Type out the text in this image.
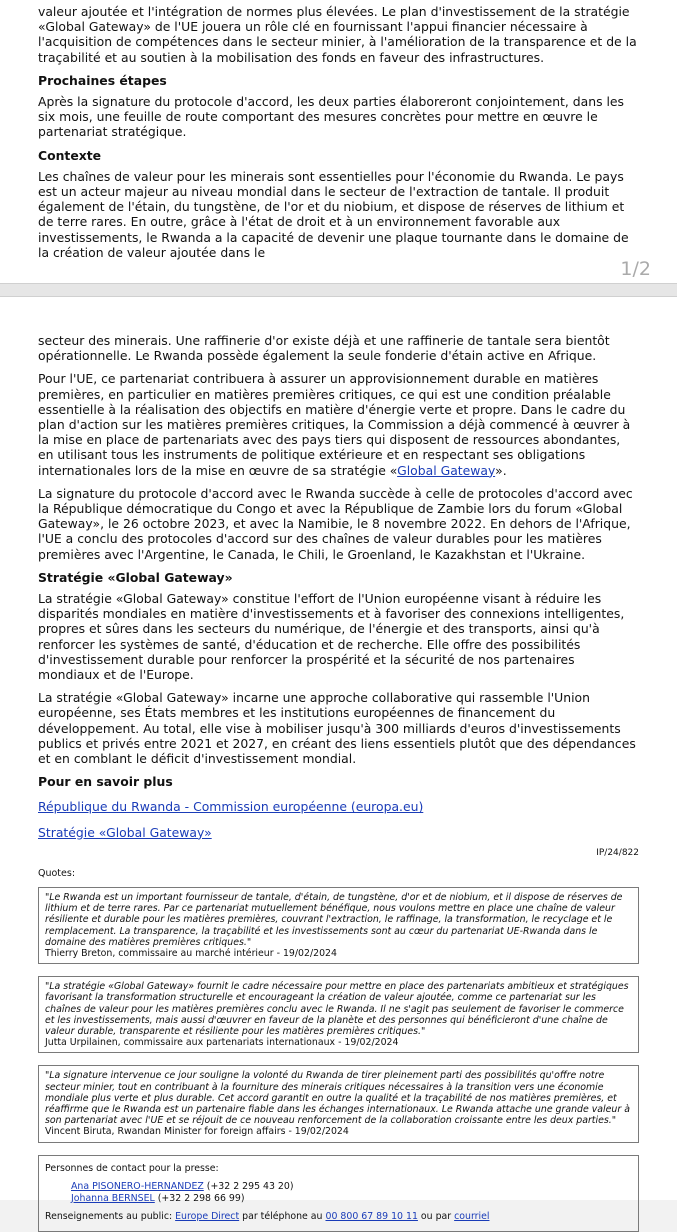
valeur ajoutée et l'intégration de normes plus élevées. Le plan d'investissement de la stratégie «Global Gateway» de l'UE jouera un rôle clé en fournissant l'appui financier nécessaire à l'acquisition de compétences dans le secteur minier, à l'amélioration de la transparence et de la traçabilité et au soutien à la mobilisation des fonds en faveur des infrastructures.

Prochaines étapes

Après la signature du protocole d'accord, les deux parties élaboreront conjointement, dans les six mois, une feuille de route comportant des mesures concrètes pour mettre en œuvre le partenariat stratégique.

Contexte

Les chaînes de valeur pour les minerais sont essentielles pour l'économie du Rwanda. Le pays est un acteur majeur au niveau mondial dans le secteur de l'extraction de tantale. Il produit également de l'étain, du tungstène, de l'or et du niobium, et dispose de réserves de lithium et de terre rares. En outre, grâce à l'état de droit et à un environnement favorable aux investissements, le Rwanda a la capacité de devenir une plaque tournante dans le domaine de la création de valeur ajoutée dans le

1/2

secteur des minerais. Une raffinerie d'or existe déjà et une raffinerie de tantale sera bientôt opérationnelle. Le Rwanda possède également la seule fonderie d'étain active en Afrique.

Pour l'UE, ce partenariat contribuera à assurer un approvisionnement durable en matières premières, en particulier en matières premières critiques, ce qui est une condition préalable essentielle à la réalisation des objectifs en matière d'énergie verte et propre. Dans le cadre du plan d'action sur les matières premières critiques, la Commission a déjà commencé à œuvrer à la mise en place de partenariats avec des pays tiers qui disposent de ressources abondantes, en utilisant tous les instruments de politique extérieure et en respectant ses obligations internationales lors de la mise en œuvre de sa stratégie «Global Gateway».

La signature du protocole d'accord avec le Rwanda succède à celle de protocoles d'accord avec la République démocratique du Congo et avec la République de Zambie lors du forum «Global Gateway», le 26 octobre 2023, et avec la Namibie, le 8 novembre 2022. En dehors de l'Afrique, l'UE a conclu des protocoles d'accord sur des chaînes de valeur durables pour les matières premières avec l'Argentine, le Canada, le Chili, le Groenland, le Kazakhstan et l'Ukraine.

Stratégie «Global Gateway»

La stratégie «Global Gateway» constitue l'effort de l'Union européenne visant à réduire les disparités mondiales en matière d'investissements et à favoriser des connexions intelligentes, propres et sûres dans les secteurs du numérique, de l'énergie et des transports, ainsi qu'à renforcer les systèmes de santé, d'éducation et de recherche. Elle offre des possibilités d'investissement durable pour renforcer la prospérité et la sécurité de nos partenaires mondiaux et de l'Europe.

La stratégie «Global Gateway» incarne une approche collaborative qui rassemble l'Union européenne, ses États membres et les institutions européennes de financement du développement. Au total, elle vise à mobiliser jusqu'à 300 milliards d'euros d'investissements publics et privés entre 2021 et 2027, en créant des liens essentiels plutôt que des dépendances et en comblant le déficit d'investissement mondial.

Pour en savoir plus

République du Rwanda - Commission européenne (europa.eu)

Stratégie «Global Gateway»

IP/24/822
Quotes:
"Le Rwanda est un important fournisseur de tantale, d'étain, de tungstène, d'or et de niobium, et il dispose de réserves de lithium et de terre rares. Par ce partenariat mutuellement bénéfique, nous voulons mettre en place une chaîne de valeur résiliente et durable pour les matières premières, couvrant l'extraction, le raffinage, la transformation, le recyclage et le remplacement. La transparence, la traçabilité et les investissements sont au cœur du partenariat UE-Rwanda dans le domaine des matières premières critiques."
Thierry Breton, commissaire au marché intérieur - 19/02/2024
"La stratégie «Global Gateway» fournit le cadre nécessaire pour mettre en place des partenariats ambitieux et stratégiques favorisant la transformation structurelle et encourageant la création de valeur ajoutée, comme ce partenariat sur les chaînes de valeur pour les matières premières conclu avec le Rwanda. Il ne s'agit pas seulement de favoriser le commerce et les investissements, mais aussi d'œuvrer en faveur de la planète et des personnes qui bénéficieront d'une chaîne de valeur durable, transparente et résiliente pour les matières premières critiques."
Jutta Urpilainen, commissaire aux partenariats internationaux - 19/02/2024
"La signature intervenue ce jour souligne la volonté du Rwanda de tirer pleinement parti des possibilités qu'offre notre secteur minier, tout en contribuant à la fourniture des minerais critiques nécessaires à la transition vers une économie mondiale plus verte et plus durable. Cet accord garantit en outre la qualité et la traçabilité de nos matières premières, et réaffirme que le Rwanda est un partenaire fiable dans les échanges internationaux. Le Rwanda attache une grande valeur à son partenariat avec l'UE et se réjouit de ce nouveau renforcement de la collaboration croissante entre les deux parties."
Vincent Biruta, Rwandan Minister for foreign affairs - 19/02/2024
Personnes de contact pour la presse:
Ana PISONERO-HERNANDEZ (+32 2 295 43 20)
Johanna BERNSEL (+32 2 298 66 99)
Renseignements au public: Europe Direct par téléphone au 00 800 67 89 10 11 ou par courriel
